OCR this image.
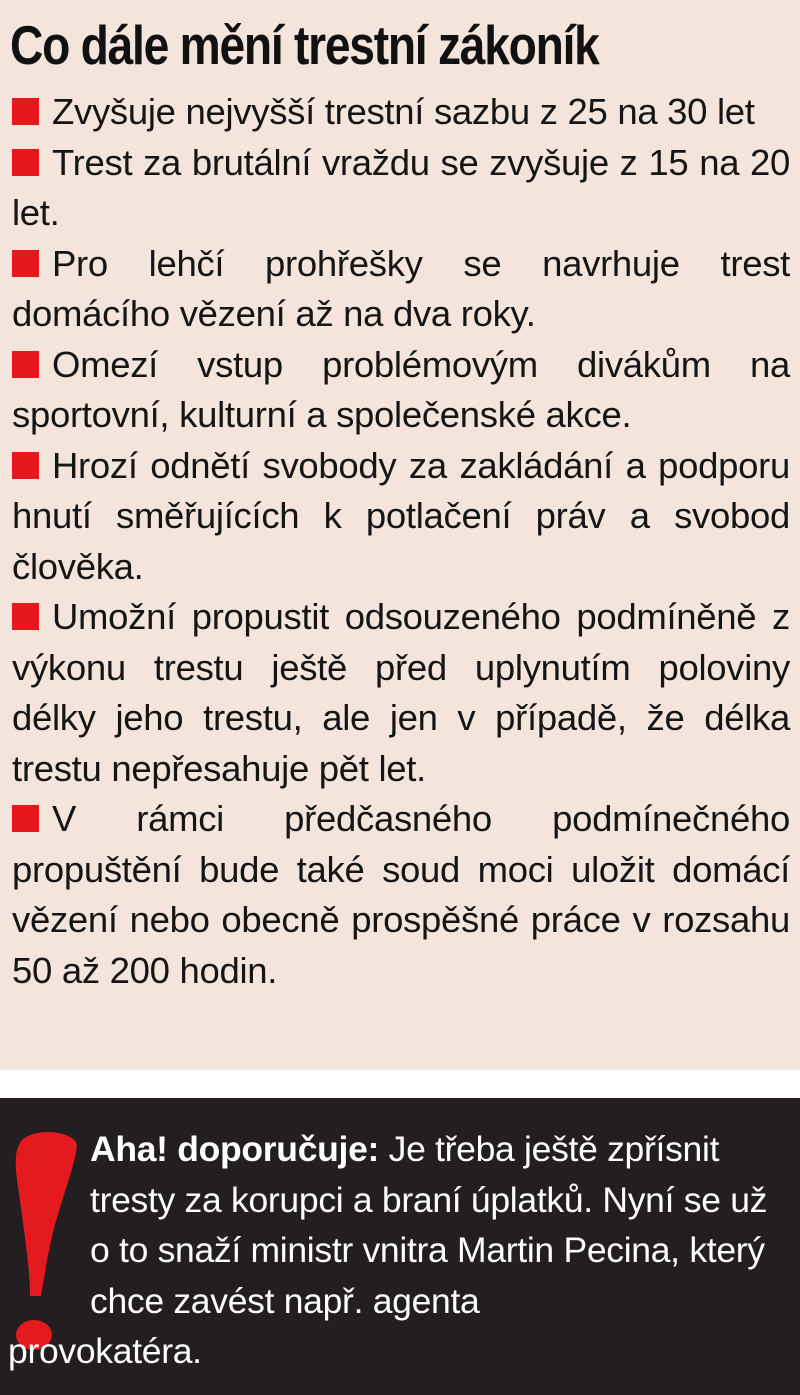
Co dále mění trestní zákoník
Zvyšuje nejvyšší trestní sazbu z 25 na 30 let
Trest za brutální vraždu se zvyšuje z 15 na 20 let.
Pro lehčí prohřešky se navrhuje trest domácího vězení až na dva roky.
Omezí vstup problémovým divákům na sportovní, kulturní a společenské akce.
Hrozí odnětí svobody za zakládání a podporu hnutí směřujících k potlačení práv a svobod člověka.
Umožní propustit odsouzeného podmíněně z výkonu trestu ještě před uplynutím poloviny délky jeho trestu, ale jen v případě, že délka trestu nepřesahuje pět let.
V rámci předčasného podmínečného propuštění bude také soud moci uložit domácí vězení nebo obecně prospěšné práce v rozsahu 50 až 200 hodin.

Aha! doporučuje: Je třeba ještě zpřísnit tresty za korupci a braní úplatků. Nyní se už o to snaží ministr vnitra Martin Pecina, který chce zavést např. agenta
provokatéra.
